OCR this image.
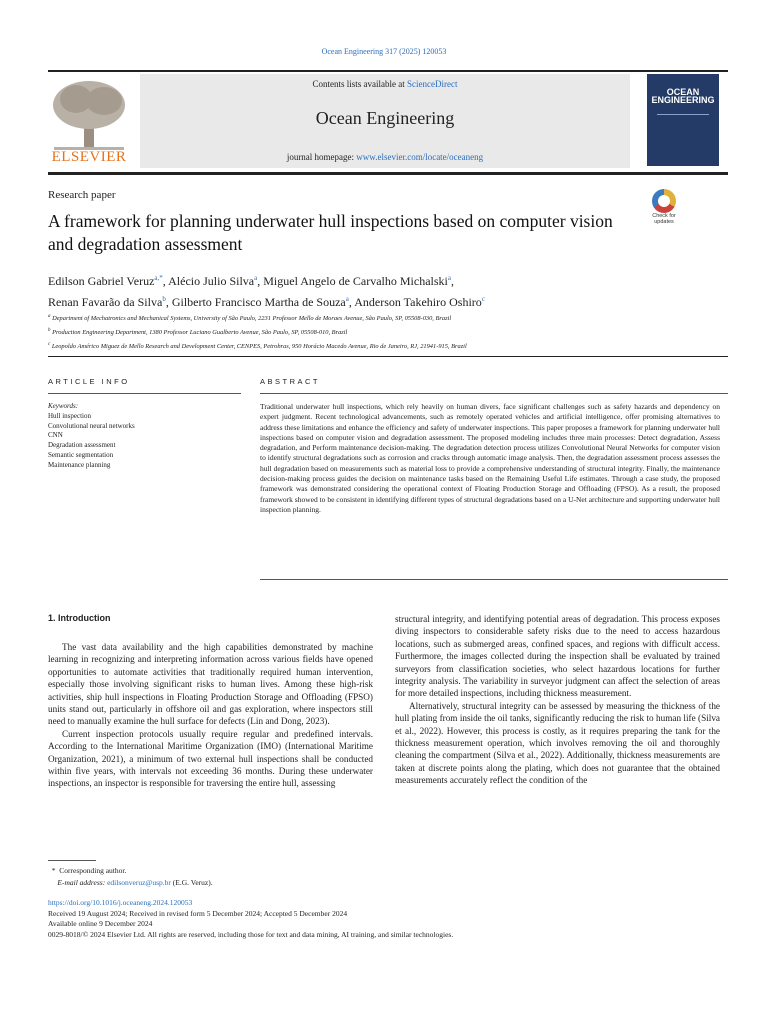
Ocean Engineering 317 (2025) 120053
ELSEVIER
Contents lists available at ScienceDirect
Ocean Engineering
journal homepage: www.elsevier.com/locate/oceaneng
OCEAN ENGINEERING
Research paper
A framework for planning underwater hull inspections based on computer vision and degradation assessment
Check for updates
Edilson Gabriel Veruz$^{a,*}$, Alécio Julio Silva$^a$, Miguel Angelo de Carvalho Michalski$^a$,
Renan Favarão da Silva$^b$, Gilberto Francisco Martha de Souza$^a$, Anderson Takehiro Oshiro$^c$
$^a$ Department of Mechatronics and Mechanical Systems, University of São Paulo, 2231 Professor Mello de Moraes Avenue, São Paulo, SP, 05508-030, Brazil
$^b$ Production Engineering Department, 1380 Professor Luciano Gualberto Avenue, São Paulo, SP, 05508-010, Brazil
$^c$ Leopoldo Américo Miguez de Mello Research and Development Center, CENPES, Petrobras, 950 Horácio Macedo Avenue, Rio de Janeiro, RJ, 21941-915, Brazil
ARTICLE INFO	ABSTRACT
Keywords:
Hull inspection
Convolutional neural networks
CNN
Degradation assessment
Semantic segmentation
Maintenance planning
Traditional underwater hull inspections, which rely heavily on human divers, face significant challenges such as safety hazards and dependency on expert judgment. Recent technological advancements, such as remotely operated vehicles and artificial intelligence, offer promising alternatives to address these limitations and enhance the efficiency and safety of underwater inspections. This paper proposes a framework for planning underwater hull inspections based on computer vision and degradation assessment. The proposed modeling includes three main processes: Detect degradation, Assess degradation, and Perform maintenance decision-making. The degradation detection process utilizes Convolutional Neural Networks for computer vision to identify structural degradations such as corrosion and cracks through automatic image analysis. Then, the degradation assessment process assesses the hull degradation based on measurements such as material loss to provide a comprehensive understanding of structural integrity. Finally, the maintenance decision-making process guides the decision on maintenance tasks based on the Remaining Useful Life estimates. Through a case study, the proposed framework was demonstrated considering the operational context of Floating Production Storage and Offloading (FPSO). As a result, the proposed framework showed to be consistent in identifying different types of structural degradations based on a U-Net architecture and supporting underwater hull inspection planning.
1. Introduction

The vast data availability and the high capabilities demonstrated by machine learning in recognizing and interpreting information across various fields have opened opportunities to automate activities that traditionally required human intervention, especially those involving significant risks to human lives. Among these high-risk activities, ship hull inspections in Floating Production Storage and Offloading (FPSO) units stand out, particularly in offshore oil and gas exploration, where inspectors still need to manually examine the hull surface for defects (Lin and Dong, 2023).

Current inspection protocols usually require regular and predefined intervals. According to the International Maritime Organization (IMO) (International Maritime Organization, 2021), a minimum of two external hull inspections shall be conducted within five years, with intervals not exceeding 36 months. During these underwater inspections, an inspector is responsible for traversing the entire hull, assessing

structural integrity, and identifying potential areas of degradation. This process exposes diving inspectors to considerable safety risks due to the need to access hazardous locations, such as submerged areas, confined spaces, and regions with difficult access. Furthermore, the images collected during the inspection shall be evaluated by trained surveyors from classification societies, who select hazardous locations for further integrity analysis. The variability in surveyor judgment can affect the selection of areas for more detailed inspections, including thickness measurement.

Alternatively, structural integrity can be assessed by measuring the thickness of the hull plating from inside the oil tanks, significantly reducing the risk to human life (Silva et al., 2022). However, this process is costly, as it requires preparing the tank for the thickness measurement operation, which involves removing the oil and thoroughly cleaning the compartment (Silva et al., 2022). Additionally, thickness measurements are taken at discrete points along the plating, which does not guarantee that the obtained measurements accurately reflect the condition of the

* Corresponding author.
E-mail address: edilsonveruz@usp.br (E.G. Veruz).
https://doi.org/10.1016/j.oceaneng.2024.120053
Received 19 August 2024; Received in revised form 5 December 2024; Accepted 5 December 2024
Available online 9 December 2024
0029-8018/© 2024 Elsevier Ltd. All rights are reserved, including those for text and data mining, AI training, and similar technologies.
